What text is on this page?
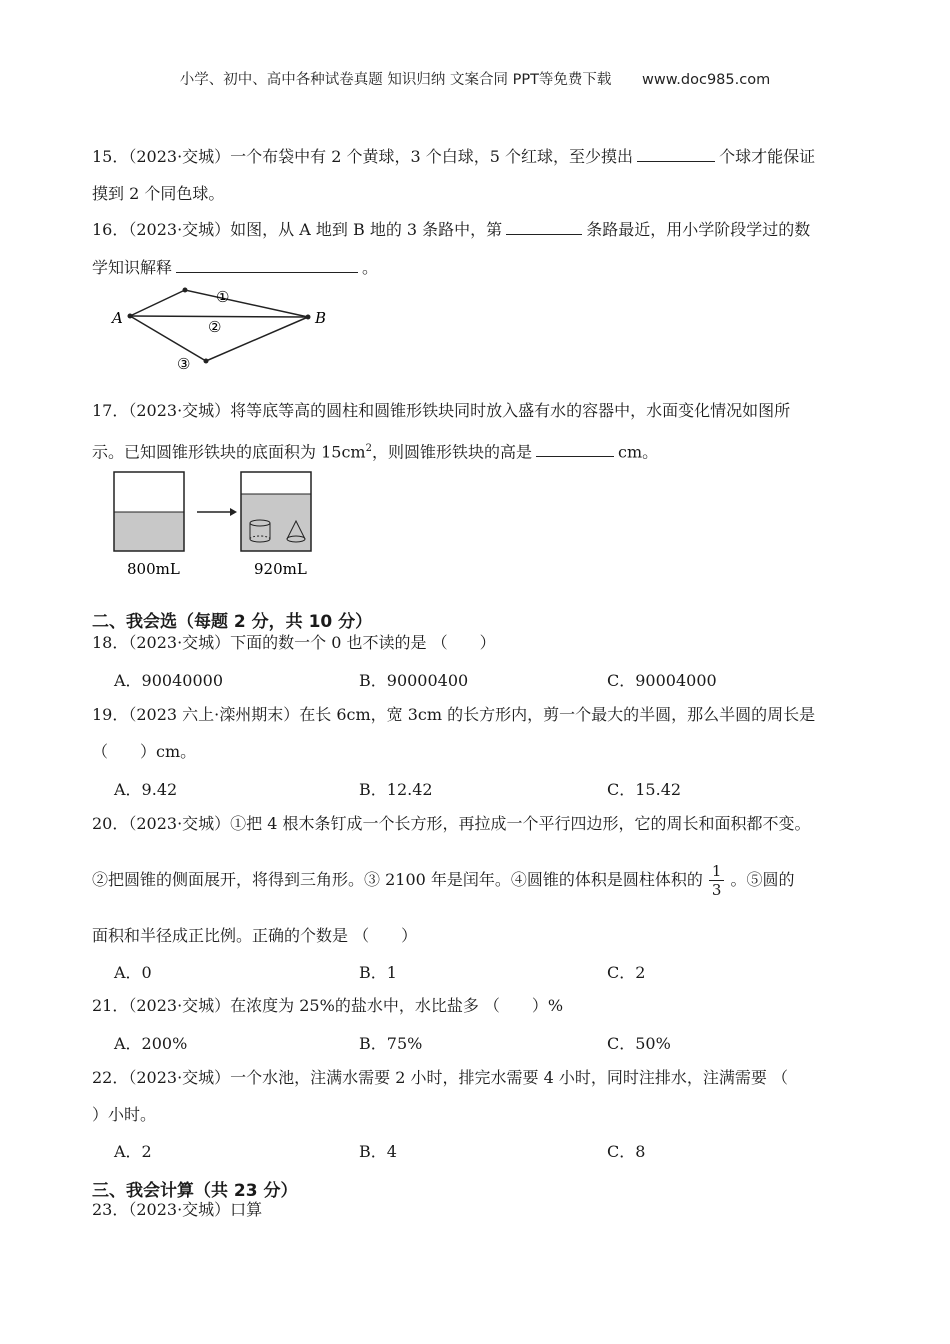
小学、初中、高中各种试卷真题 知识归纳 文案合同 PPT等免费下载 www.doc985.com
15．（2023·交城）一个布袋中有 2 个黄球，3 个白球，5 个红球，至少摸出	个球才能保证
摸到 2 个同色球。
16．（2023·交城）如图，从 A 地到 B 地的 3 条路中，第	条路最近，用小学阶段学过的数
学知识解释	。
A	B
①
②
③
17．（2023·交城）将等底等高的圆柱和圆锥形铁块同时放入盛有水的容器中，水面变化情况如图所
示。已知圆锥形铁块的底面积为 $15cm^2$，则圆锥形铁块的高是	cm。
800mL	920mL
二、我会选（每题 2 分，共 10 分）
18．（2023·交城）下面的数一个 0 也不读的是 （　　）
A．90040000	B．90000400	C．90004000
19．（2023 六上·滦州期末）在长 6cm，宽 3cm 的长方形内，剪一个最大的半圆，那么半圆的周长是
（　　）cm。
A．9.42	B．12.42	C．15.42
20．（2023·交城）①把 4 根木条钉成一个长方形，再拉成一个平行四边形，它的周长和面积都不变。
②把圆锥的侧面展开，将得到三角形。③ 2100 年是闰年。④圆锥的体积是圆柱体积的 $\frac{1}{3}$ 。⑤圆的
面积和半径成正比例。正确的个数是 （　　）
A．0	B．1	C．2
21．（2023·交城）在浓度为 25%的盐水中，水比盐多 （　　）%
A．200%	B．75%	C．50%
22．（2023·交城）一个水池，注满水需要 2 小时，排完水需要 4 小时，同时注排水，注满需要 （
）小时。
A．2	B．4	C．8
三、我会计算（共 23 分）
23．（2023·交城）口算
